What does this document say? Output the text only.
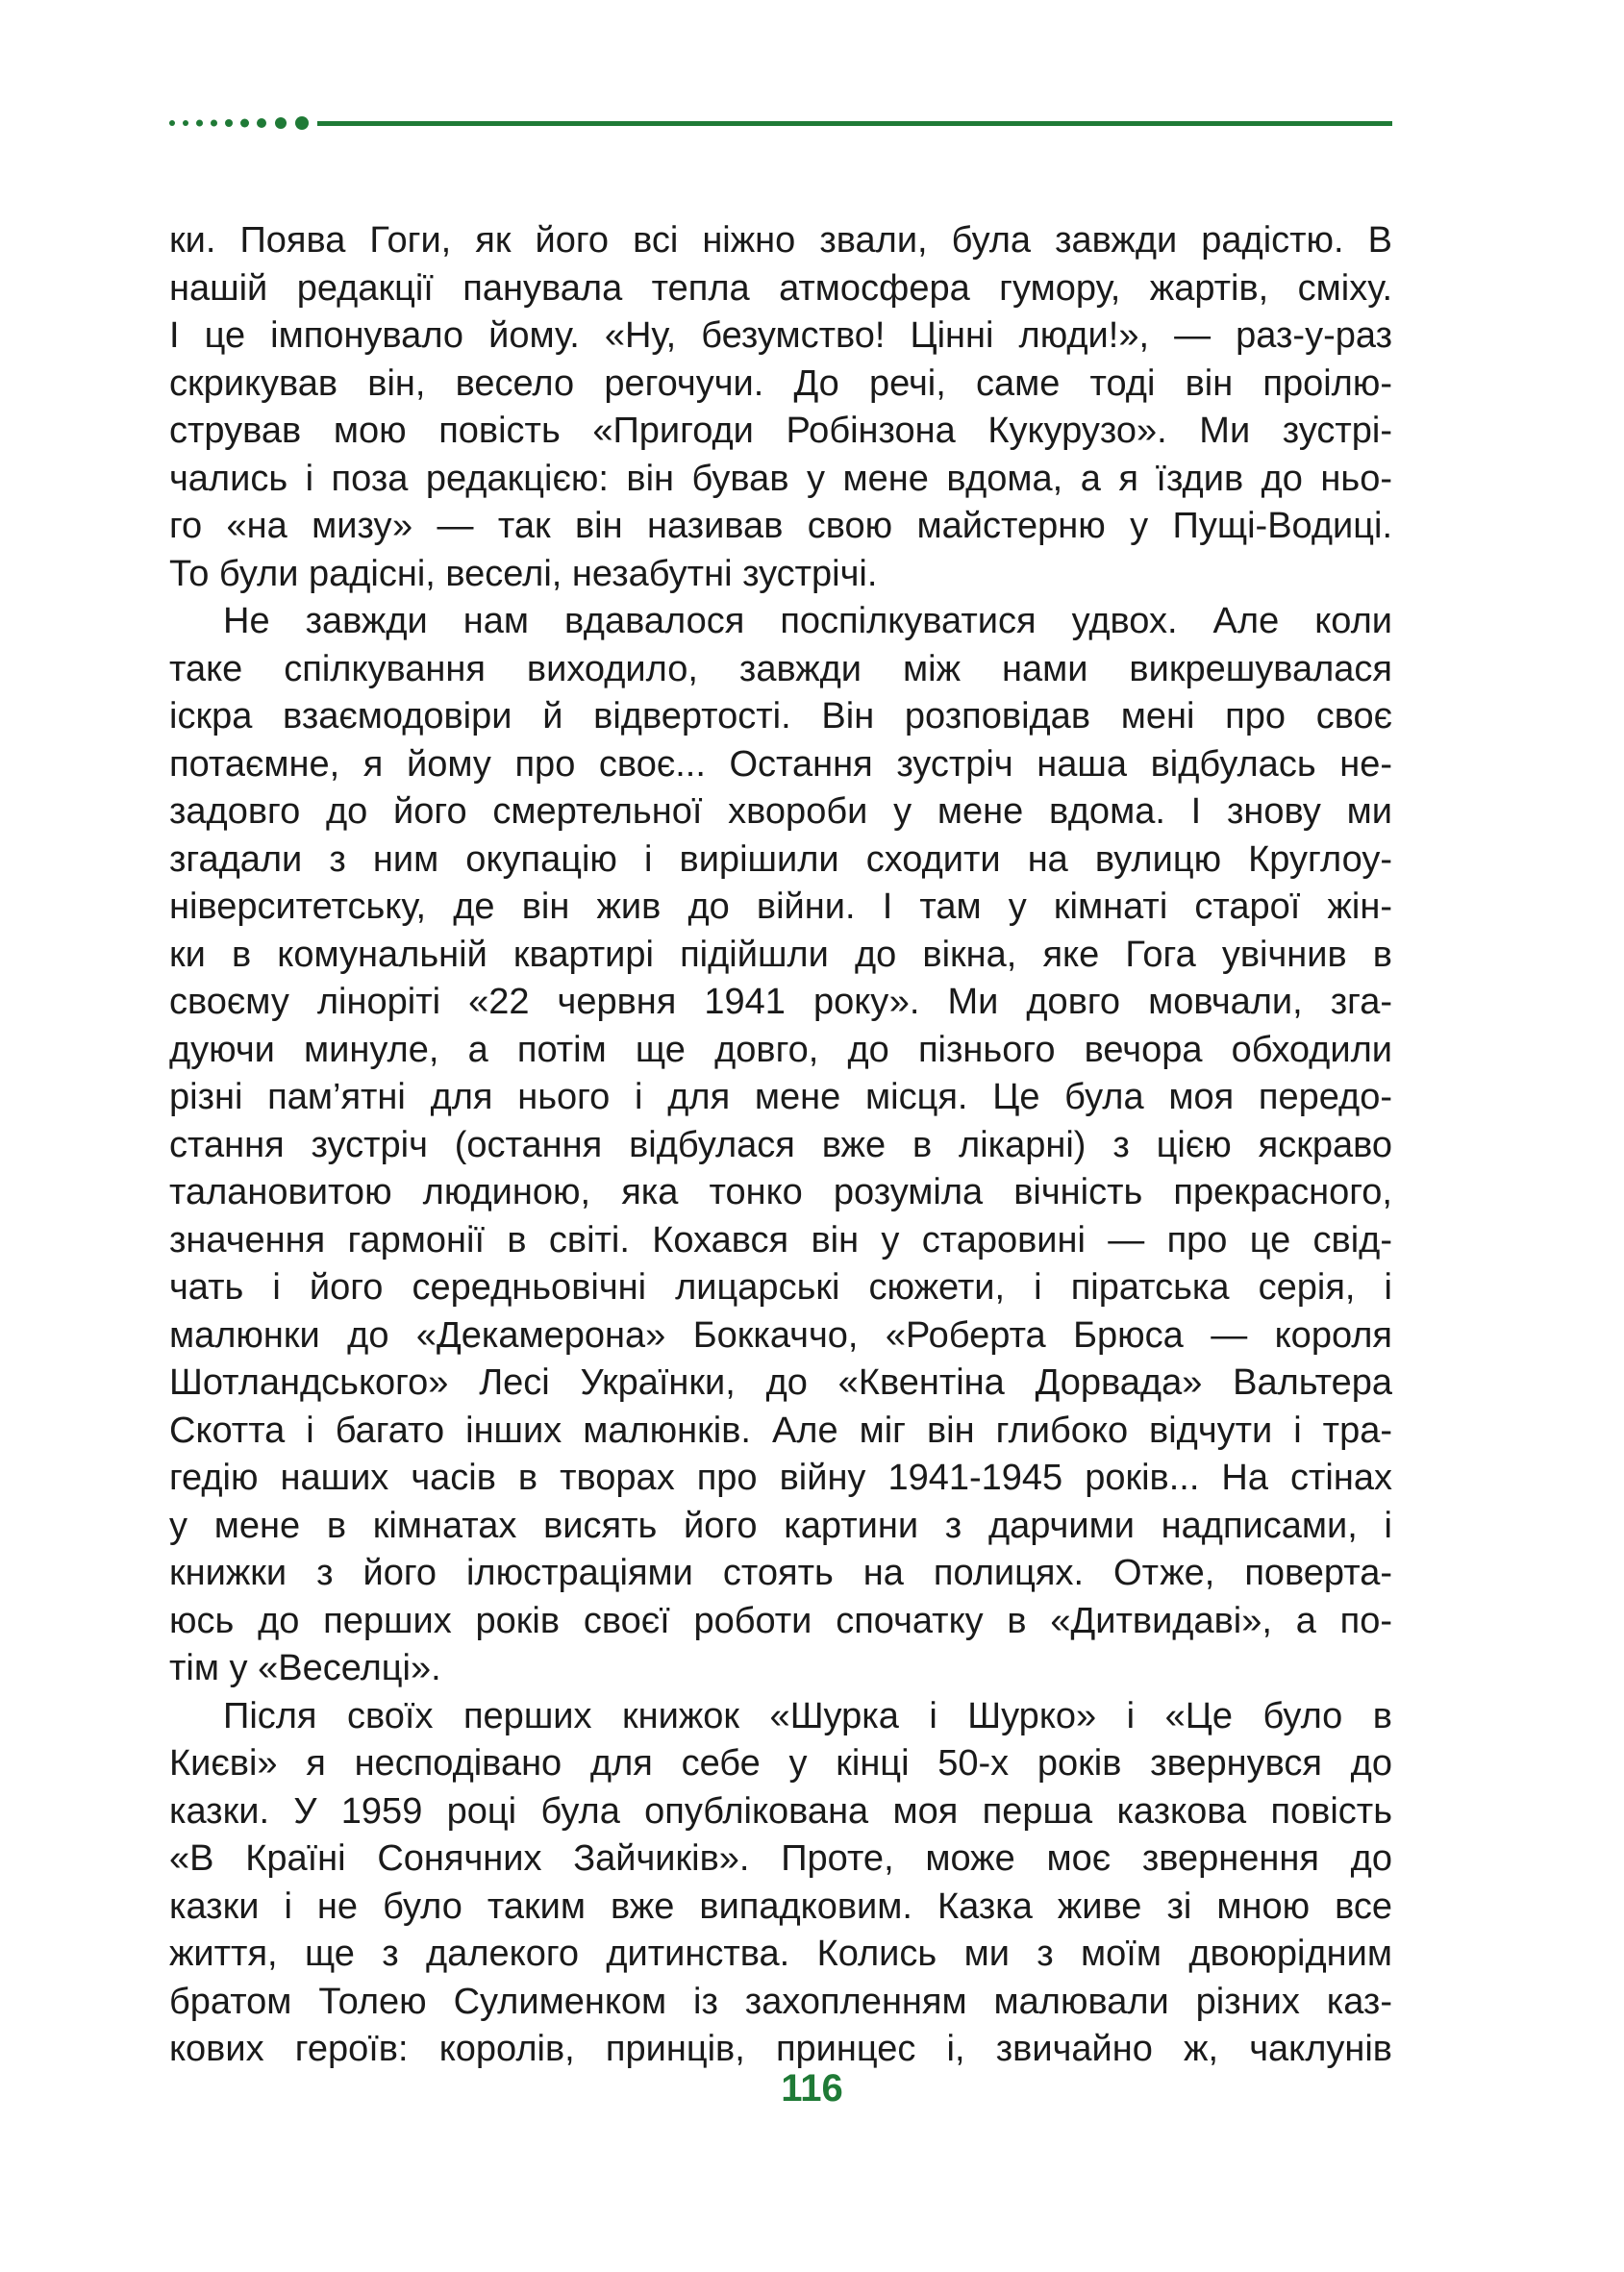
ки. Поява Гоги, як його всі ніжно звали, була завжди радістю. В
нашій редакції панувала тепла атмосфера гумору, жартів, сміху.
І це імпонувало йому. «Ну, безумство! Цінні люди!», — раз-у-раз
скрикував він, весело регочучи. До речі, саме тоді він проілю-
стрував мою повість «Пригоди Робінзона Кукурузо». Ми зустрі-
чались і поза редакцією: він бував у мене вдома, а я їздив до ньо-
го «на мизу» — так він називав свою майстерню у Пущі-Водиці.
То були радісні, веселі, незабутні зустрічі.

Не завжди нам вдавалося поспілкуватися удвох. Але коли
таке спілкування виходило, завжди між нами викрешувалася
іскра взаємодовіри й відвертості. Він розповідав мені про своє
потаємне, я йому про своє... Остання зустріч наша відбулась не-
задовго до його смертельної хвороби у мене вдома. І знову ми
згадали з ним окупацію і вирішили сходити на вулицю Круглоу-
ніверситетську, де він жив до війни. І там у кімнаті старої жін-
ки в комунальній квартирі підійшли до вікна, яке Гога увічнив в
своєму ліноріті «22 червня 1941 року». Ми довго мовчали, зга-
дуючи минуле, а потім ще довго, до пізнього вечора обходили
різні пам’ятні для нього і для мене місця. Це була моя передо-
стання зустріч (остання відбулася вже в лікарні) з цією яскраво
талановитою людиною, яка тонко розуміла вічність прекрасного,
значення гармонії в світі. Кохався він у старовині — про це свід-
чать і його середньовічні лицарські сюжети, і піратська серія, і
малюнки до «Декамерона» Боккаччо, «Роберта Брюса — короля
Шотландського» Лесі Українки, до «Квентіна Дорвада» Вальтера
Скотта і багато інших малюнків. Але міг він глибоко відчути і тра-
гедію наших часів в творах про війну 1941-1945 років... На стінах
у мене в кімнатах висять його картини з дарчими надписами, і
книжки з його ілюстраціями стоять на полицях. Отже, поверта-
юсь до перших років своєї роботи спочатку в «Дитвидаві», а по-
тім у «Веселці».

Після своїх перших книжок «Шурка і Шурко» і «Це було в
Києві» я несподівано для себе у кінці 50-х років звернувся до
казки. У 1959 році була опублікована моя перша казкова повість
«В Країні Сонячних Зайчиків». Проте, може моє звернення до
казки і не було таким вже випадковим. Казка живе зі мною все
життя, ще з далекого дитинства. Колись ми з моїм двоюрідним
братом Толею Сулименком із захопленням малювали різних каз-
кових героїв: королів, принців, принцес і, звичайно ж, чаклунів

116
